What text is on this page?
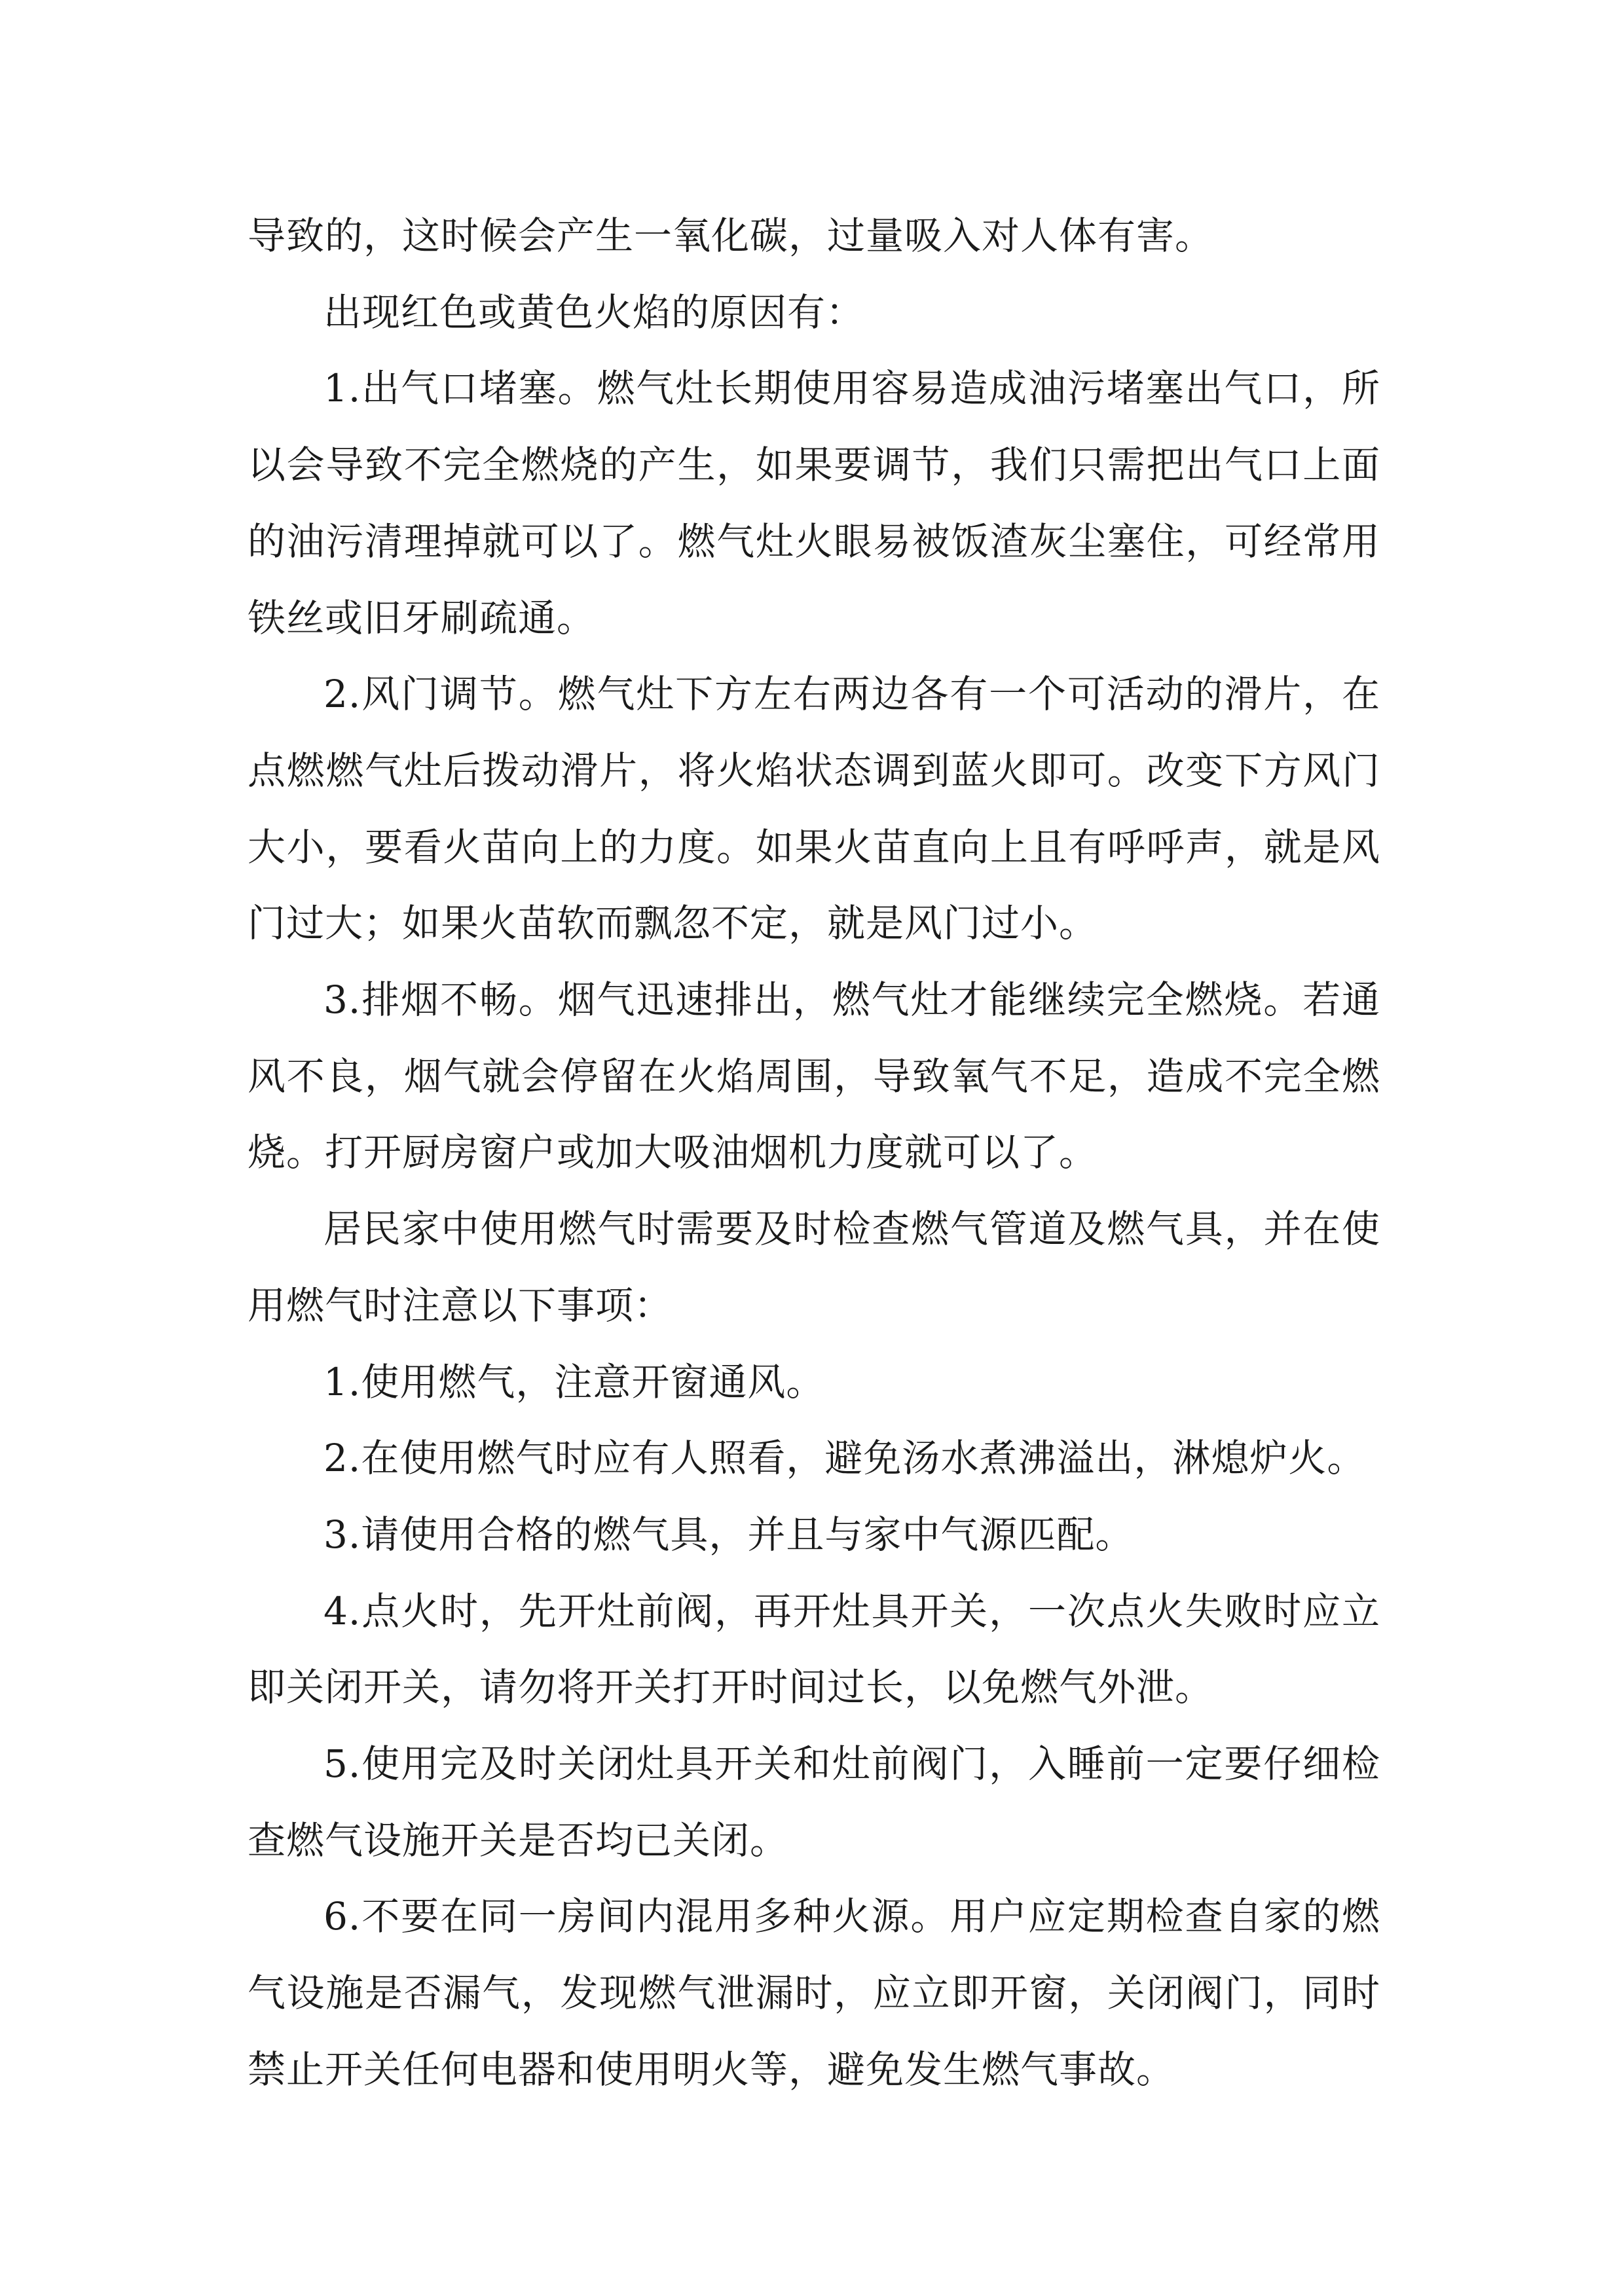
导致的，这时候会产生一氧化碳，过量吸入对人体有害。

出现红色或黄色火焰的原因有：

1.出气口堵塞。燃气灶长期使用容易造成油污堵塞出气口，所以会导致不完全燃烧的产生，如果要调节，我们只需把出气口上面的油污清理掉就可以了。燃气灶火眼易被饭渣灰尘塞住，可经常用铁丝或旧牙刷疏通。

2.风门调节。燃气灶下方左右两边各有一个可活动的滑片，在点燃燃气灶后拨动滑片，将火焰状态调到蓝火即可。改变下方风门大小，要看火苗向上的力度。如果火苗直向上且有呼呼声，就是风门过大；如果火苗软而飘忽不定，就是风门过小。

3.排烟不畅。烟气迅速排出，燃气灶才能继续完全燃烧。若通风不良，烟气就会停留在火焰周围，导致氧气不足，造成不完全燃烧。打开厨房窗户或加大吸油烟机力度就可以了。

居民家中使用燃气时需要及时检查燃气管道及燃气具，并在使用燃气时注意以下事项：

1.使用燃气，注意开窗通风。

2.在使用燃气时应有人照看，避免汤水煮沸溢出，淋熄炉火。

3.请使用合格的燃气具，并且与家中气源匹配。

4.点火时，先开灶前阀，再开灶具开关，一次点火失败时应立即关闭开关，请勿将开关打开时间过长，以免燃气外泄。

5.使用完及时关闭灶具开关和灶前阀门，入睡前一定要仔细检查燃气设施开关是否均已关闭。

6.不要在同一房间内混用多种火源。用户应定期检查自家的燃气设施是否漏气，发现燃气泄漏时，应立即开窗，关闭阀门，同时禁止开关任何电器和使用明火等，避免发生燃气事故。
